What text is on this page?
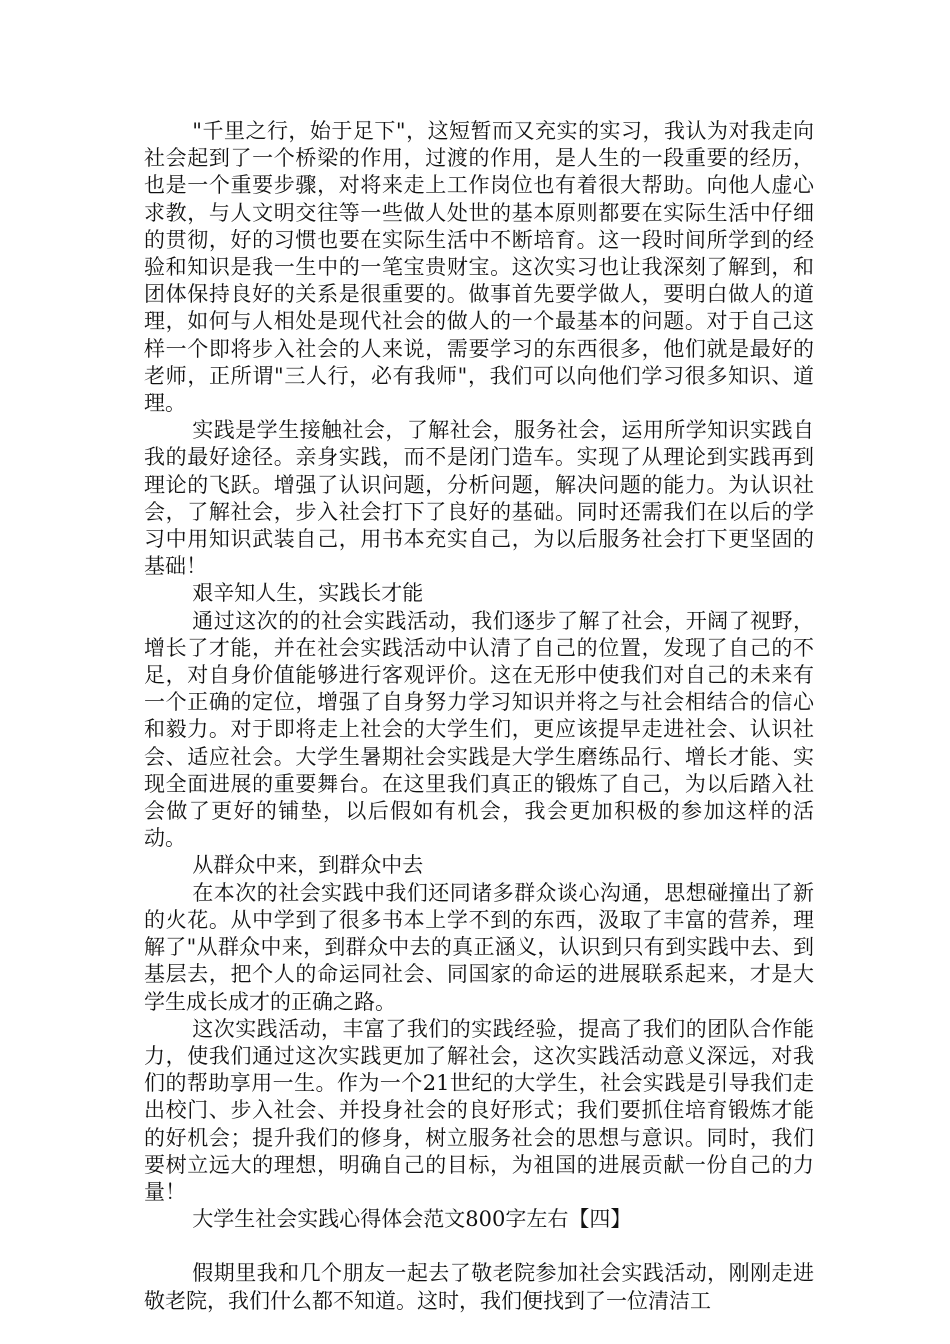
"千里之行，始于足下"，这短暂而又充实的实习，我认为对我走向社会起到了一个桥梁的作用，过渡的作用，是人生的一段重要的经历，也是一个重要步骤，对将来走上工作岗位也有着很大帮助。向他人虚心求教，与人文明交往等一些做人处世的基本原则都要在实际生活中仔细的贯彻，好的习惯也要在实际生活中不断培育。这一段时间所学到的经验和知识是我一生中的一笔宝贵财宝。这次实习也让我深刻了解到，和团体保持良好的关系是很重要的。做事首先要学做人，要明白做人的道理，如何与人相处是现代社会的做人的一个最基本的问题。对于自己这样一个即将步入社会的人来说，需要学习的东西很多，他们就是最好的老师，正所谓"三人行，必有我师"，我们可以向他们学习很多知识、道理。

实践是学生接触社会，了解社会，服务社会，运用所学知识实践自我的最好途径。亲身实践，而不是闭门造车。实现了从理论到实践再到理论的飞跃。增强了认识问题，分析问题，解决问题的能力。为认识社会，了解社会，步入社会打下了良好的基础。同时还需我们在以后的学习中用知识武装自己，用书本充实自己，为以后服务社会打下更坚固的基础！

艰辛知人生，实践长才能

通过这次的的社会实践活动，我们逐步了解了社会，开阔了视野，增长了才能，并在社会实践活动中认清了自己的位置，发现了自己的不足，对自身价值能够进行客观评价。这在无形中使我们对自己的未来有一个正确的定位，增强了自身努力学习知识并将之与社会相结合的信心和毅力。对于即将走上社会的大学生们，更应该提早走进社会、认识社会、适应社会。大学生暑期社会实践是大学生磨练品行、增长才能、实现全面进展的重要舞台。在这里我们真正的锻炼了自己，为以后踏入社会做了更好的铺垫，以后假如有机会，我会更加积极的参加这样的活动。

从群众中来，到群众中去

在本次的社会实践中我们还同诸多群众谈心沟通，思想碰撞出了新的火花。从中学到了很多书本上学不到的东西，汲取了丰富的营养，理解了"从群众中来，到群众中去的真正涵义，认识到只有到实践中去、到基层去，把个人的命运同社会、同国家的命运的进展联系起来，才是大学生成长成才的正确之路。

这次实践活动，丰富了我们的实践经验，提高了我们的团队合作能力，使我们通过这次实践更加了解社会，这次实践活动意义深远，对我们的帮助享用一生。作为一个21世纪的大学生，社会实践是引导我们走出校门、步入社会、并投身社会的良好形式；我们要抓住培育锻炼才能的好机会；提升我们的修身，树立服务社会的思想与意识。同时，我们要树立远大的理想，明确自己的目标，为祖国的进展贡献一份自己的力量！

大学生社会实践心得体会范文800字左右【四】

假期里我和几个朋友一起去了敬老院参加社会实践活动，刚刚走进敬老院，我们什么都不知道。这时，我们便找到了一位清洁工
